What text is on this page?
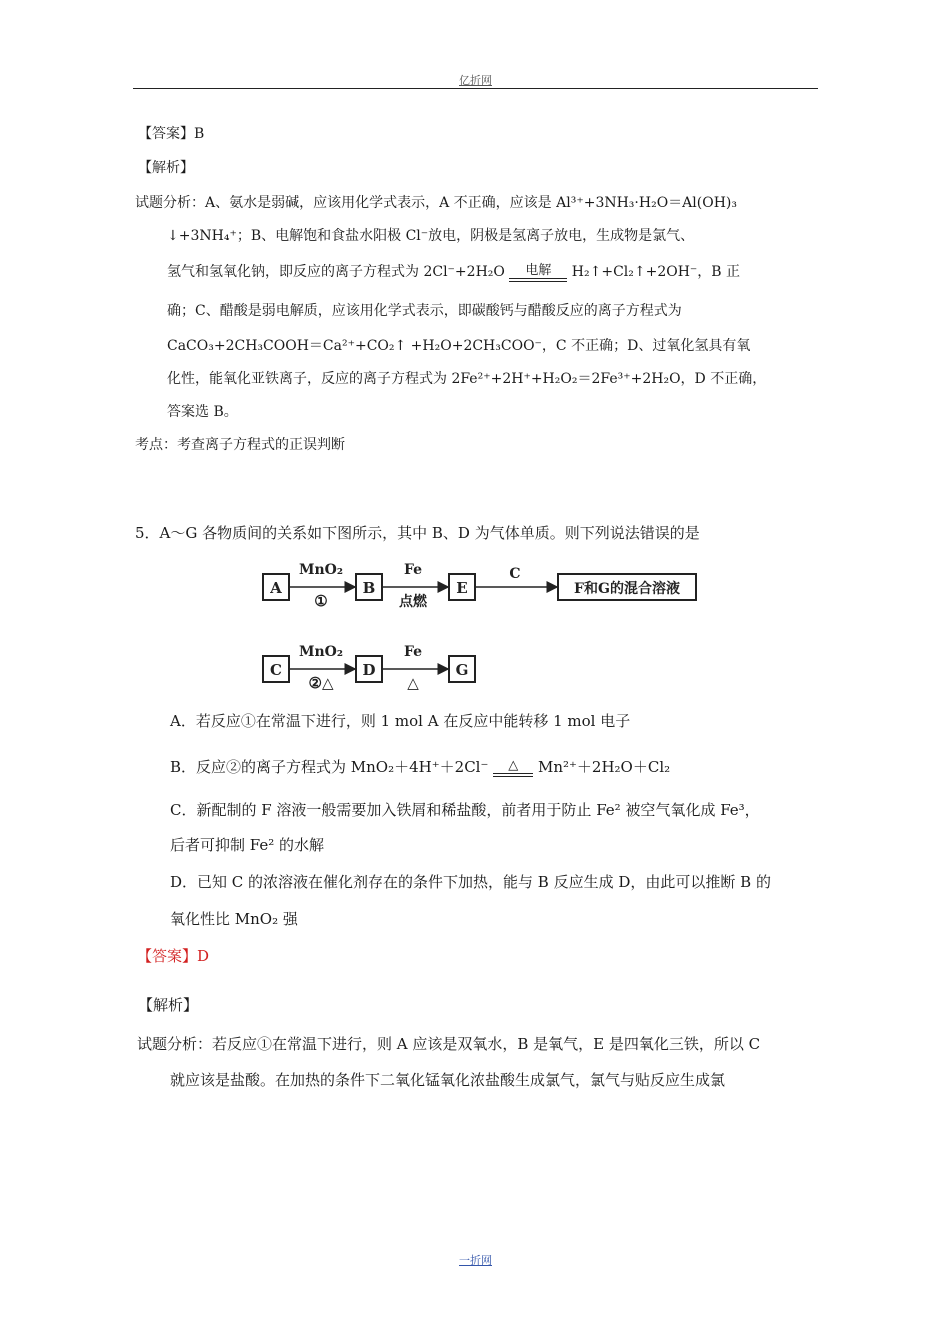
亿折网
【答案】B
【解析】
试题分析：A、氨水是弱碱，应该用化学式表示，A 不正确，应该是 Al³⁺+3NH₃·H₂O＝Al(OH)₃
↓+3NH₄⁺；B、电解饱和食盐水阳极 Cl⁻放电，阴极是氢离子放电，生成物是氯气、
氢气和氢氧化钠，即反应的离子方程式为 2Cl⁻+2H₂O	电解	H₂↑+Cl₂↑+2OH⁻，B 正
确；C、醋酸是弱电解质，应该用化学式表示，即碳酸钙与醋酸反应的离子方程式为
CaCO₃+2CH₃COOH＝Ca²⁺+CO₂↑ +H₂O+2CH₃COO⁻，C 不正确；D、过氧化氢具有氧
化性，能氧化亚铁离子，反应的离子方程式为 2Fe²⁺+2H⁺+H₂O₂＝2Fe³⁺+2H₂O，D 不正确，
答案选 B。
考点：考查离子方程式的正误判断
5．A～G 各物质间的关系如下图所示，其中 B、D 为气体单质。则下列说法错误的是
A
MnO₂
①
B
Fe
点燃
E
C
F和G的混合溶液
C
MnO₂
②△
D
Fe
△
G
A．若反应①在常温下进行，则 1 mol A 在反应中能转移 1 mol 电子
B．反应②的离子方程式为 MnO₂＋4H⁺＋2Cl⁻	△	Mn²⁺＋2H₂O＋Cl₂
C．新配制的 F 溶液一般需要加入铁屑和稀盐酸，前者用于防止 Fe² 被空气氧化成 Fe³，
后者可抑制 Fe² 的水解
D．已知 C 的浓溶液在催化剂存在的条件下加热，能与 B 反应生成 D，由此可以推断 B 的
氧化性比 MnO₂ 强
【答案】D
【解析】
试题分析：若反应①在常温下进行，则 A 应该是双氧水，B 是氧气，E 是四氧化三铁，所以 C
就应该是盐酸。在加热的条件下二氧化锰氧化浓盐酸生成氯气，氯气与贴反应生成氯
一折网
